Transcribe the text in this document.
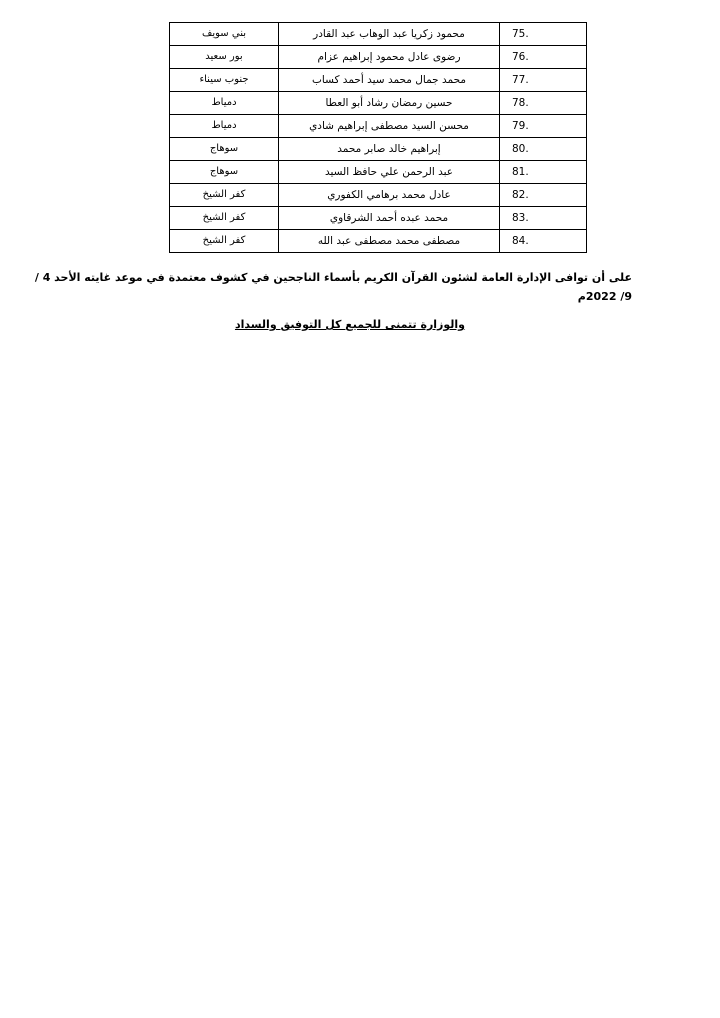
بني سويف	محمود زكريا عبد الوهاب عبد القادر	75.
بور سعيد	رضوى عادل محمود إبراهيم عزام	76.
جنوب سيناء	محمد جمال محمد سيد أحمد كساب	77.
دمياط	حسين رمضان رشاد أبو العطا	78.
دمياط	محسن السيد مصطفى إبراهيم شادي	79.
سوهاج	إبراهيم خالد صابر محمد	80.
سوهاج	عبد الرحمن علي حافظ السيد	81.
كفر الشيخ	عادل محمد برهامي الكفوري	82.
كفر الشيخ	محمد عبده أحمد الشرقاوي	83.
كفر الشيخ	مصطفى محمد مصطفى عبد الله	84.
على أن توافى الإدارة العامة لشئون القرآن الكريم بأسماء الناجحين في كشوف معتمدة في موعد غايته الأحد 4 /
9/ 2022م
والوزارة تتمنى للجميع كل التوفيق والسداد
